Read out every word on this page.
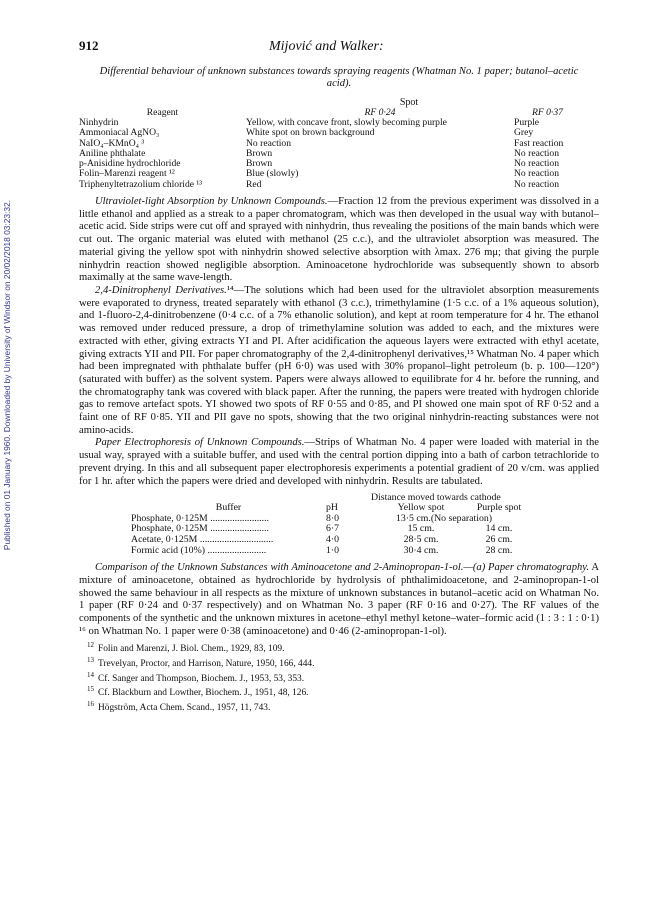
Published on 01 January 1960. Downloaded by University of Windsor on 20/02/2018 03:23:32.
912	Mijović and Walker:
Differential behaviour of unknown substances towards spraying reagents (Whatman No. 1 paper; butanol–acetic acid).
Spot
Reagent	RF 0·24	RF 0·37
Ninhydrin	Yellow, with concave front, slowly becoming purple	Purple
Ammoniacal AgNO₃	White spot on brown background	Grey
NaIO₄–KMnO₄ ³	No reaction	Fast reaction
Aniline phthalate	Brown	No reaction
p-Anisidine hydrochloride	Brown	No reaction
Folin–Marenzi reagent ¹²	Blue (slowly)	No reaction
Triphenyltetrazolium chloride ¹³	Red	No reaction

Ultraviolet-light Absorption by Unknown Compounds.—Fraction 12 from the previous experiment was dissolved in a little ethanol and applied as a streak to a paper chromatogram, which was then developed in the usual way with butanol–acetic acid. Side strips were cut off and sprayed with ninhydrin, thus revealing the positions of the main bands which were cut out. The organic material was eluted with methanol (25 c.c.), and the ultraviolet absorption was measured. The material giving the yellow spot with ninhydrin showed selective absorption with λmax. 276 mμ; that giving the purple ninhydrin reaction showed negligible absorption. Aminoacetone hydrochloride was subsequently shown to absorb maximally at the same wave-length.

2,4-Dinitrophenyl Derivatives.¹⁴—The solutions which had been used for the ultraviolet absorption measurements were evaporated to dryness, treated separately with ethanol (3 c.c.), trimethylamine (1·5 c.c. of a 1% aqueous solution), and 1-fluoro-2,4-dinitrobenzene (0·4 c.c. of a 7% ethanolic solution), and kept at room temperature for 4 hr. The ethanol was removed under reduced pressure, a drop of trimethylamine solution was added to each, and the mixtures were extracted with ether, giving extracts YI and PI. After acidification the aqueous layers were extracted with ethyl acetate, giving extracts YII and PII. For paper chromatography of the 2,4-dinitrophenyl derivatives,¹⁵ Whatman No. 4 paper which had been impregnated with phthalate buffer (pH 6·0) was used with 30% propanol–light petroleum (b. p. 100—120°) (saturated with buffer) as the solvent system. Papers were always allowed to equilibrate for 4 hr. before the running, and the chromatography tank was covered with black paper. After the running, the papers were treated with hydrogen chloride gas to remove artefact spots. YI showed two spots of RF 0·55 and 0·85, and PI showed one main spot of RF 0·52 and a faint one of RF 0·85. YII and PII gave no spots, showing that the two original ninhydrin-reacting substances were not amino-acids.

Paper Electrophoresis of Unknown Compounds.—Strips of Whatman No. 4 paper were loaded with material in the usual way, sprayed with a suitable buffer, and used with the central portion dipping into a bath of carbon tetrachloride to prevent drying. In this and all subsequent paper electrophoresis experiments a potential gradient of 20 v/cm. was applied for 1 hr. after which the papers were dried and developed with ninhydrin. Results are tabulated.

Distance moved towards cathode
Buffer	pH	Yellow spot	Purple spot
Phosphate, 0·125M ........................	8·0	13·5 cm.(No separation)	
Phosphate, 0·125M ........................	6·7	15 cm.	14 cm.
Acetate, 0·125M ..............................	4·0	28·5 cm.	26 cm.
Formic acid (10%) ........................	1·0	30·4 cm.	28 cm.

Comparison of the Unknown Substances with Aminoacetone and 2-Aminopropan-1-ol.—(a) Paper chromatography. A mixture of aminoacetone, obtained as hydrochloride by hydrolysis of phthalimidoacetone, and 2-aminopropan-1-ol showed the same behaviour in all respects as the mixture of unknown substances in butanol–acetic acid on Whatman No. 1 paper (RF 0·24 and 0·37 respectively) and on Whatman No. 3 paper (RF 0·16 and 0·27). The RF values of the components of the synthetic and the unknown mixtures in acetone–ethyl methyl ketone–water–formic acid (1 : 3 : 1 : 0·1) ¹⁶ on Whatman No. 1 paper were 0·38 (aminoacetone) and 0·46 (2-aminopropan-1-ol).

$^{12}$ Folin and Marenzi, J. Biol. Chem., 1929, 83, 109.
$^{13}$ Trevelyan, Proctor, and Harrison, Nature, 1950, 166, 444.
$^{14}$ Cf. Sanger and Thompson, Biochem. J., 1953, 53, 353.
$^{15}$ Cf. Blackburn and Lowther, Biochem. J., 1951, 48, 126.
$^{16}$ Högström, Acta Chem. Scand., 1957, 11, 743.
